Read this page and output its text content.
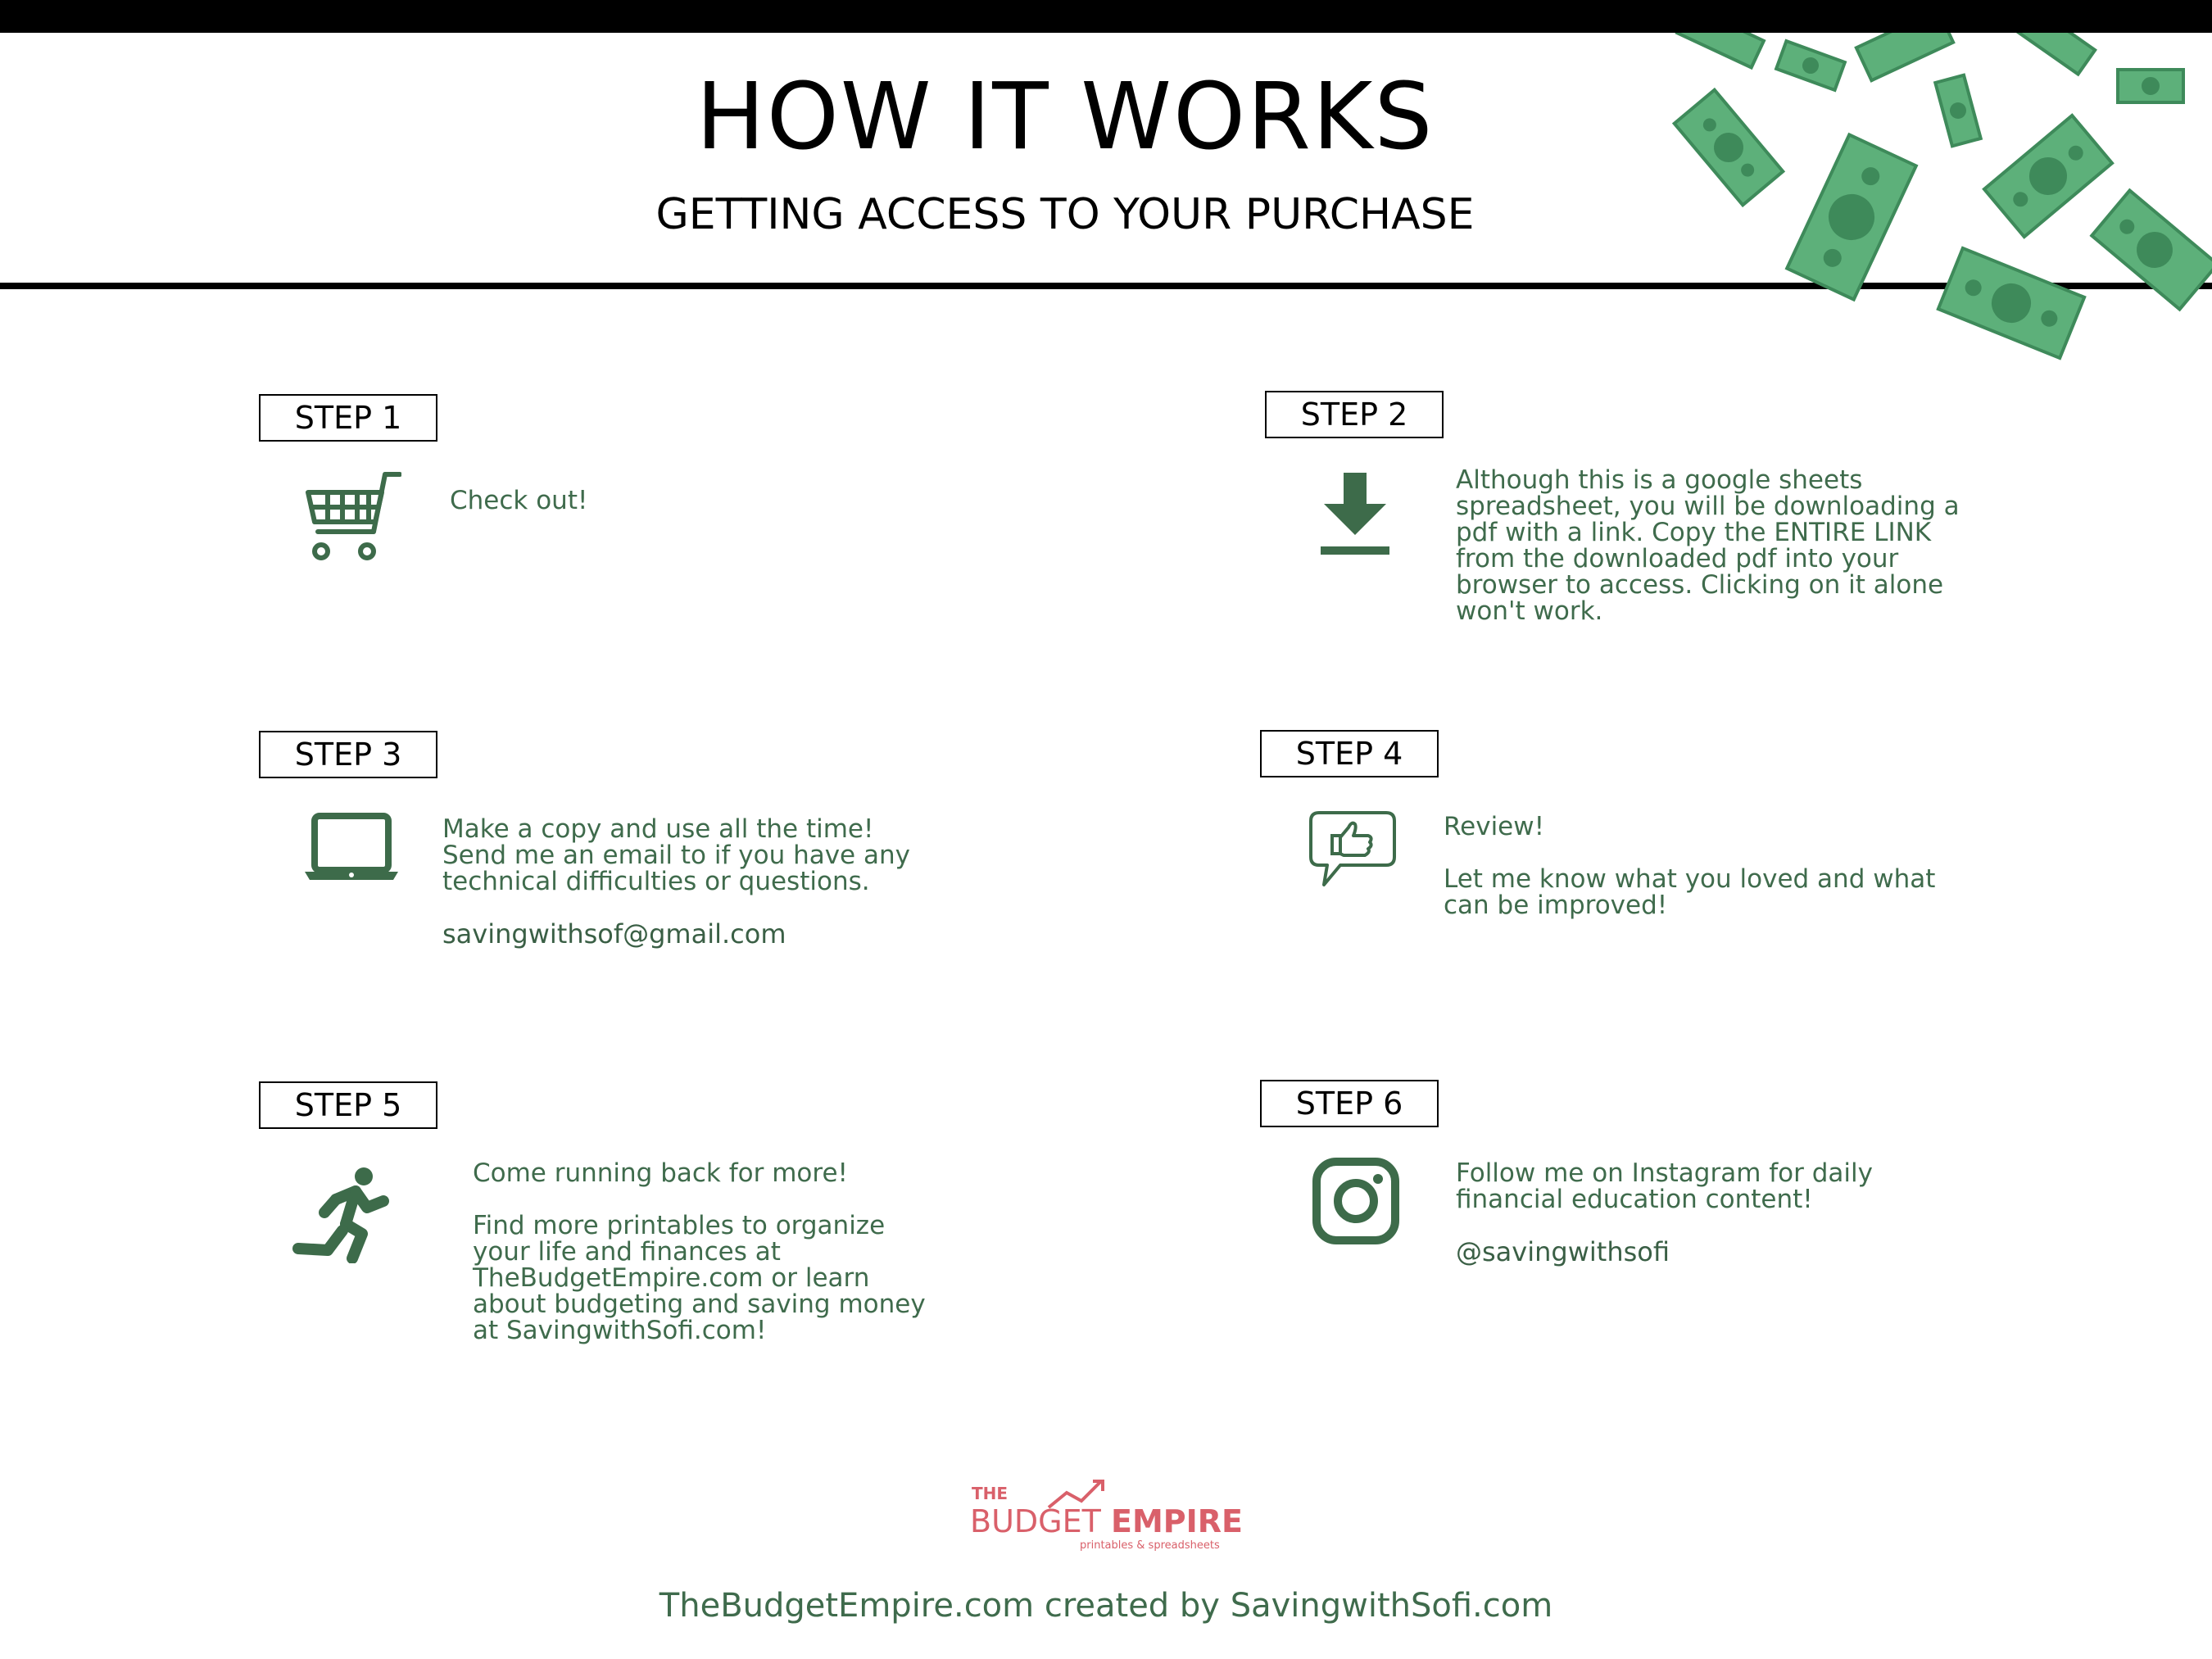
HOW IT WORKS
GETTING ACCESS TO YOUR PURCHASE
STEP 1

Check out!

STEP 2

Although this is a google sheets

spreadsheet, you will be downloading a

pdf with a link. Copy the ENTIRE LINK

from the downloaded pdf into your

browser to access. Clicking on it alone

won't work.

STEP 3

Make a copy and use all the time!

Send me an email to if you have any

technical difficulties or questions.

savingwithsof@gmail.com

STEP 4

Review!

Let me know what you loved and what

can be improved!

STEP 5

Come running back for more!

Find more printables to organize

your life and finances at

TheBudgetEmpire.com or learn

about budgeting and saving money

at SavingwithSofi.com!

STEP 6

Follow me on Instagram for daily

financial education content!

@savingwithsofi

THE
BUDGET EMPIRE
printables & spreadsheets
TheBudgetEmpire.com created by SavingwithSofi.com
